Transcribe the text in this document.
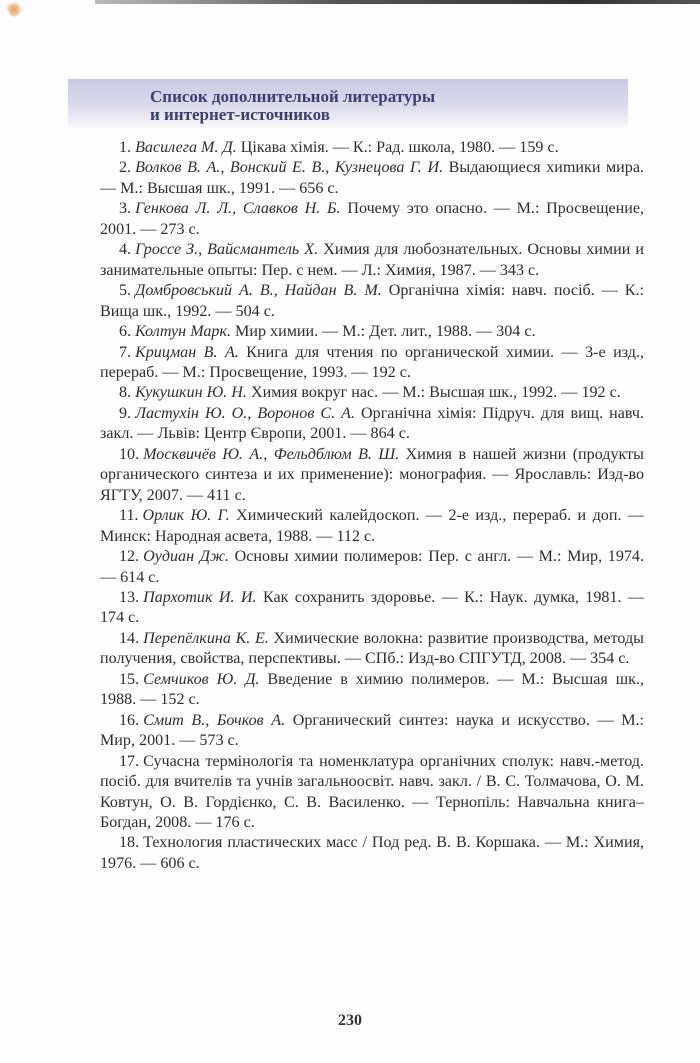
Список дополнительной литературы
и интернет-источников
1. Василега М. Д. Цікава хімія. — К.: Рад. школа, 1980. — 159 с.
2. Волков В. А., Вонский Е. В., Кузнецова Г. И. Выдающиеся хиmики мира. — М.: Высшая шк., 1991. — 656 с.
3. Генкова Л. Л., Славков Н. Б. Почему это опасно. — М.: Просвещение, 2001. — 273 с.
4. Гроссе З., Вайсмантель Х. Химия для любознательных. Основы химии и занимательные опыты: Пер. с нем. — Л.: Химия, 1987. — 343 с.
5. Домбровський А. В., Найдан В. М. Органічна хімія: навч. посіб. — К.: Вища шк., 1992. — 504 с.
6. Колтун Марк. Мир химии. — М.: Дет. лит., 1988. — 304 с.
7. Крицман В. А. Книга для чтения по органической химии. — 3-е изд., перераб. — М.: Просвещение, 1993. — 192 с.
8. Кукушкин Ю. Н. Химия вокруг нас. — М.: Высшая шк., 1992. — 192 с.
9. Ластухін Ю. О., Воронов С. А. Органічна хімія: Підруч. для вищ. навч. закл. — Львів: Центр Європи, 2001. — 864 с.
10. Москвичёв Ю. А., Фельдблюм В. Ш. Химия в нашей жизни (продукты органического синтеза и их применение): монография. — Ярославль: Изд-во ЯГТУ, 2007. — 411 с.
11. Орлик Ю. Г. Химический калейдоскоп. — 2-е изд., перераб. и доп. — Минск: Народная асвета, 1988. — 112 с.
12. Оудиан Дж. Основы химии полимеров: Пер. с англ. — М.: Мир, 1974. — 614 с.
13. Пархотик И. И. Как сохранить здоровье. — К.: Наук. думка, 1981. — 174 с.
14. Перепёлкина К. Е. Химические волокна: развитие производства, методы получения, свойства, перспективы. — СПб.: Изд-во СПГУТД, 2008. — 354 с.
15. Семчиков Ю. Д. Введение в химию полимеров. — М.: Высшая шк., 1988. — 152 с.
16. Смит В., Бочков А. Органический синтез: наука и искусство. — М.: Мир, 2001. — 573 с.
17. Сучасна термінологія та номенклатура органічних сполук: навч.-метод. посіб. для вчителів та учнів загальноосвіт. навч. закл. / В. С. Толмачова, О. М. Ковтун, О. В. Гордієнко, С. В. Василенко. — Тернопіль: Навчальна книга–Богдан, 2008. — 176 с.
18. Технология пластических масс / Под ред. В. В. Коршака. — М.: Химия, 1976. — 606 с.
230
